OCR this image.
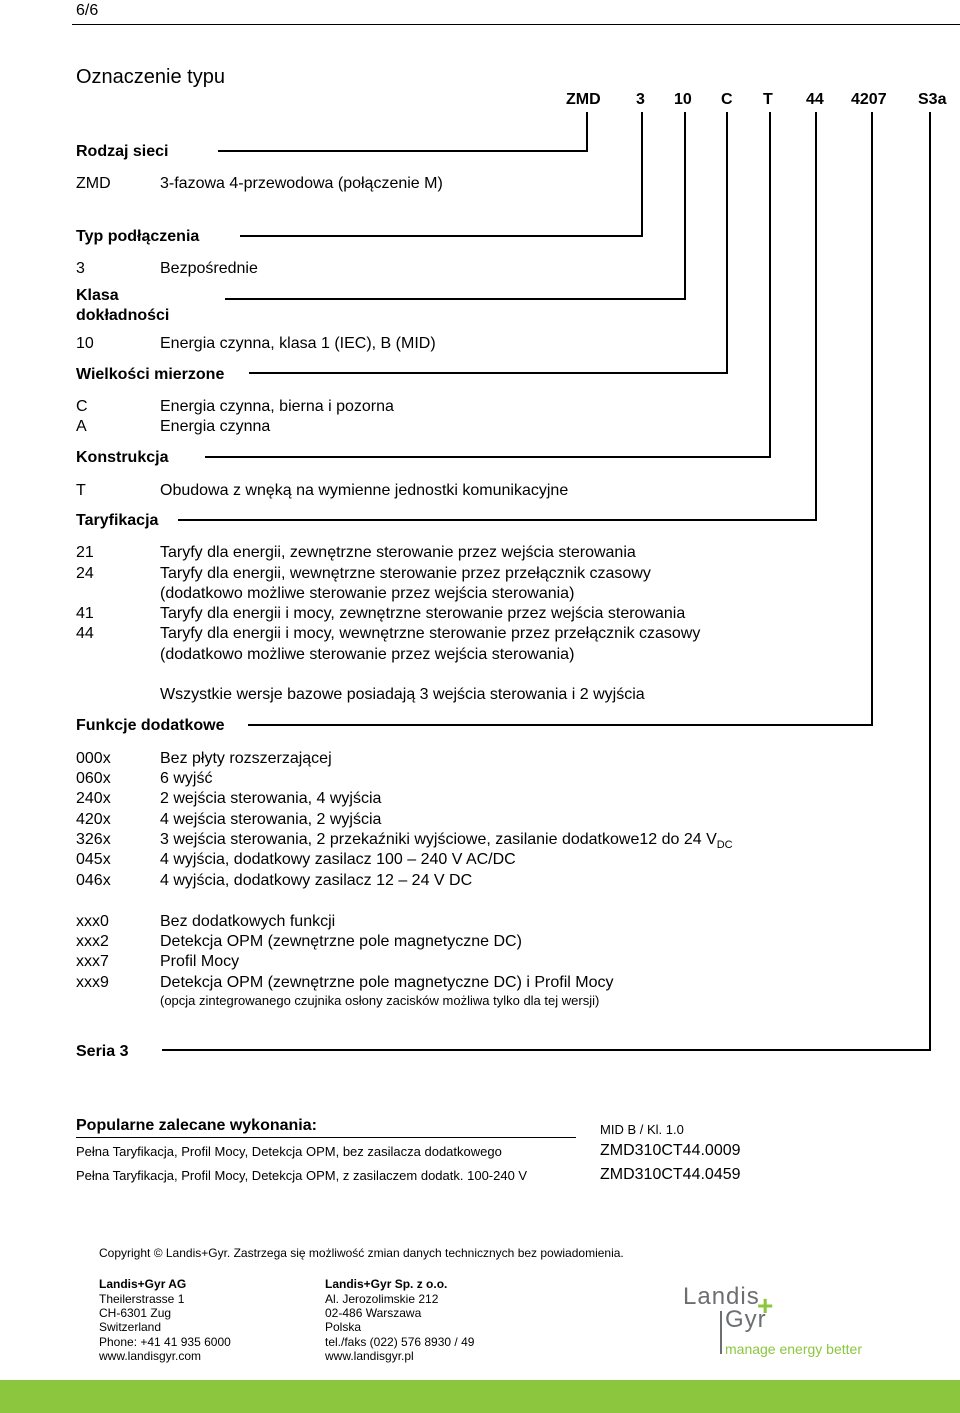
6/6
Oznaczenie typu
ZMD 3 10 C T 44 4207 S3a
Rodzaj sieci
ZMD	3-fazowa 4-przewodowa (połączenie M)
Typ podłączenia
3	Bezpośrednie
Klasa
dokładności
10	Energia czynna, klasa 1 (IEC), B (MID)
Wielkości mierzone
C	Energia czynna, bierna i pozorna
A	Energia czynna
Konstrukcja
T	Obudowa z wnęką na wymienne jednostki komunikacyjne
Taryfikacja
21	Taryfy dla energii, zewnętrzne sterowanie przez wejścia sterowania
24	Taryfy dla energii, wewnętrzne sterowanie przez przełącznik czasowy
(dodatkowo możliwe sterowanie przez wejścia sterowania)
41	Taryfy dla energii i mocy, zewnętrzne sterowanie przez wejścia sterowania
44	Taryfy dla energii i mocy, wewnętrzne sterowanie przez przełącznik czasowy
(dodatkowo możliwe sterowanie przez wejścia sterowania)
Wszystkie wersje bazowe posiadają 3 wejścia sterowania i 2 wyjścia
Funkcje dodatkowe
000x	Bez płyty rozszerzającej
060x	6 wyjść
240x	2 wejścia sterowania, 4 wyjścia
420x	4 wejścia sterowania, 2 wyjścia
326x	3 wejścia sterowania, 2 przekaźniki wyjściowe, zasilanie dodatkowe12 do 24 $V_{DC}$
045x	4 wyjścia, dodatkowy zasilacz 100 – 240 V AC/DC
046x	4 wyjścia, dodatkowy zasilacz 12 – 24 V DC
xxx0	Bez dodatkowych funkcji
xxx2	Detekcja OPM (zewnętrzne pole magnetyczne DC)
xxx7	Profil Mocy
xxx9	Detekcja OPM (zewnętrzne pole magnetyczne DC) i Profil Mocy
(opcja zintegrowanego czujnika osłony zacisków możliwa tylko dla tej wersji)
Seria 3
Popularne zalecane wykonania:	MID B / Kl. 1.0
Pełna Taryfikacja, Profil Mocy, Detekcja OPM, bez zasilacza dodatkowego	ZMD310CT44.0009
Pełna Taryfikacja, Profil Mocy, Detekcja OPM, z zasilaczem dodatk. 100-240 V	ZMD310CT44.0459
Copyright © Landis+Gyr. Zastrzega się możliwość zmian danych technicznych bez powiadomienia.
Landis+Gyr AG
Theilerstrasse 1
CH-6301 Zug
Switzerland
Phone: +41 41 935 6000
www.landisgyr.com
Landis+Gyr Sp. z o.o.
Al. Jerozolimskie 212
02-486 Warszawa
Polska
tel./faks (022) 576 8930 / 49
www.landisgyr.pl
Landis
+
Gyr
manage energy better
